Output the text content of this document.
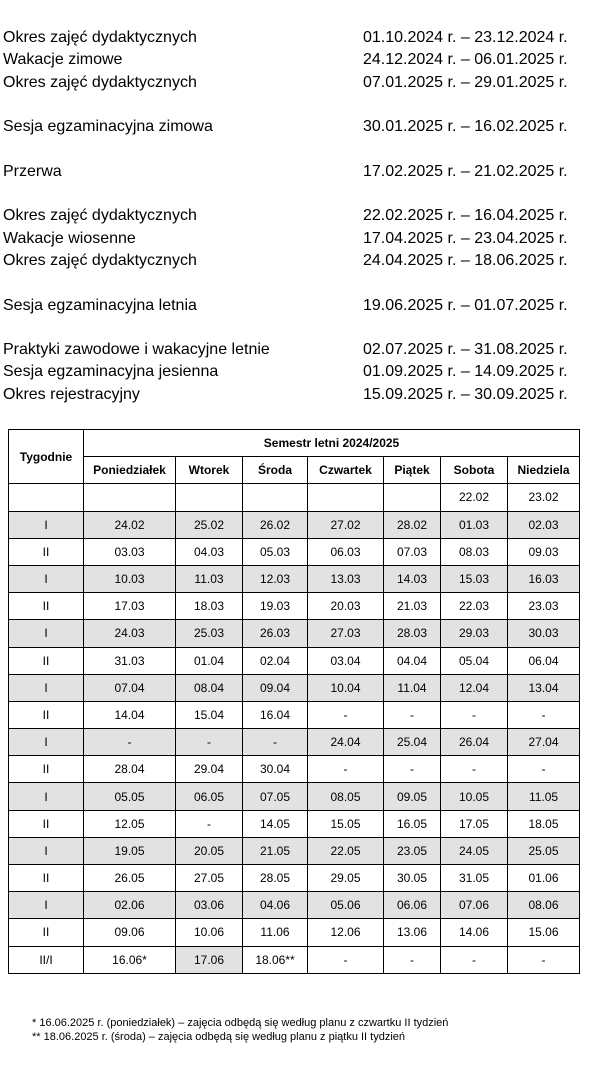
Okres zajęć dydaktycznych	01.10.2024 r. – 23.12.2024 r.
Wakacje zimowe	24.12.2024 r. – 06.01.2025 r.
Okres zajęć dydaktycznych	07.01.2025 r. – 29.01.2025 r.
Sesja egzaminacyjna zimowa	30.01.2025 r. – 16.02.2025 r.
Przerwa	17.02.2025 r. – 21.02.2025 r.
Okres zajęć dydaktycznych	22.02.2025 r. – 16.04.2025 r.
Wakacje wiosenne	17.04.2025 r. – 23.04.2025 r.
Okres zajęć dydaktycznych	24.04.2025 r. – 18.06.2025 r.
Sesja egzaminacyjna letnia	19.06.2025 r. – 01.07.2025 r.
Praktyki zawodowe i wakacyjne letnie	02.07.2025 r. – 31.08.2025 r.
Sesja egzaminacyjna jesienna	01.09.2025 r. – 14.09.2025 r.
Okres rejestracyjny	15.09.2025 r. – 30.09.2025 r.
Tygodnie	Semestr letni 2024/2025						
	Poniedziałek	Wtorek	Środa	Czwartek	Piątek	Sobota	Niedziela
						22.02	23.02
I	24.02	25.02	26.02	27.02	28.02	01.03	02.03
II	03.03	04.03	05.03	06.03	07.03	08.03	09.03
I	10.03	11.03	12.03	13.03	14.03	15.03	16.03
II	17.03	18.03	19.03	20.03	21.03	22.03	23.03
I	24.03	25.03	26.03	27.03	28.03	29.03	30.03
II	31.03	01.04	02.04	03.04	04.04	05.04	06.04
I	07.04	08.04	09.04	10.04	11.04	12.04	13.04
II	14.04	15.04	16.04	-	-	-	-
I	-	-	-	24.04	25.04	26.04	27.04
II	28.04	29.04	30.04	-	-	-	-
I	05.05	06.05	07.05	08.05	09.05	10.05	11.05
II	12.05	-	14.05	15.05	16.05	17.05	18.05
I	19.05	20.05	21.05	22.05	23.05	24.05	25.05
II	26.05	27.05	28.05	29.05	30.05	31.05	01.06
I	02.06	03.06	04.06	05.06	06.06	07.06	08.06
II	09.06	10.06	11.06	12.06	13.06	14.06	15.06
II/I	16.06*	17.06	18.06**	-	-	-	-
* 16.06.2025 r. (poniedziałek) – zajęcia odbędą się według planu z czwartku II tydzień
** 18.06.2025 r. (środa) – zajęcia odbędą się według planu z piątku II tydzień
